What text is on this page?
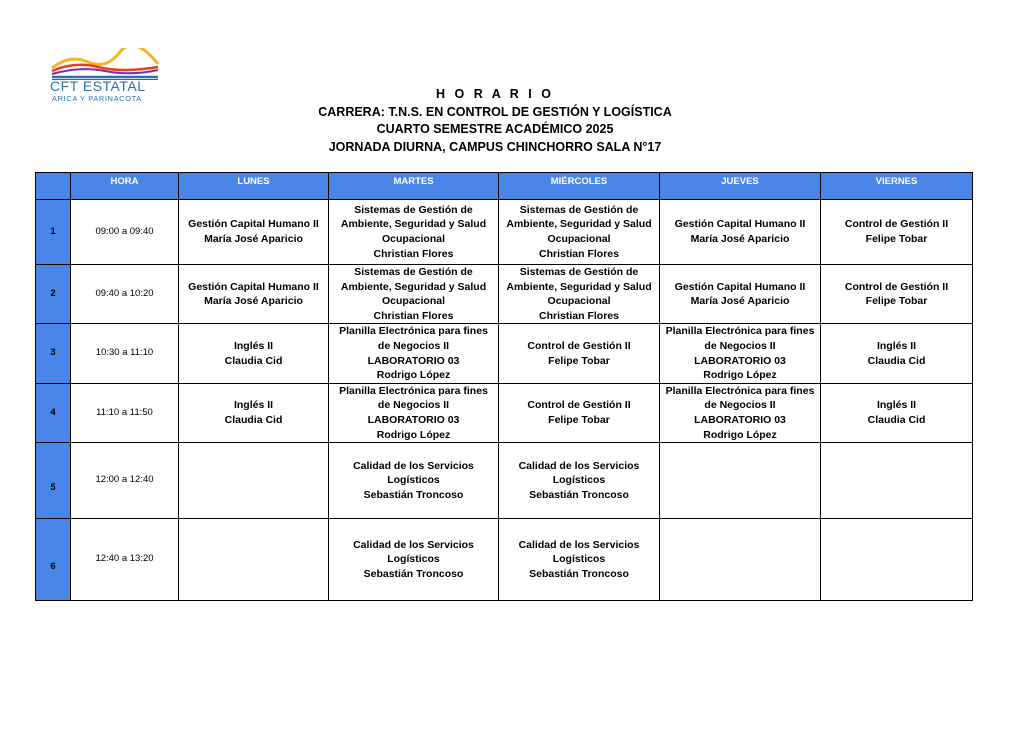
CFT ESTATAL
ARICA Y PARINACOTA	H O R A R I O
CARRERA: T.N.S. EN CONTROL DE GESTIÓN Y LOGÍSTICA
CUARTO SEMESTRE ACADÉMICO 2025
JORNADA DIURNA, CAMPUS CHINCHORRO SALA N°17
	HORA	LUNES	MARTES	MIÉRCOLES	JUEVES	VIERNES
1	09:00 a 09:40	Gestión Capital Humano II
María José Aparicio	Sistemas de Gestión de
Ambiente, Seguridad y Salud
Ocupacional
Christian Flores	Sistemas de Gestión de
Ambiente, Seguridad y Salud
Ocupacional
Christian Flores	Gestión Capital Humano II
María José Aparicio	Control de Gestión II
Felipe Tobar
2	09:40 a 10:20	Gestión Capital Humano II
María José Aparicio	Sistemas de Gestión de
Ambiente, Seguridad y Salud
Ocupacional
Christian Flores	Sistemas de Gestión de
Ambiente, Seguridad y Salud
Ocupacional
Christian Flores	Gestión Capital Humano II
María José Aparicio	Control de Gestión II
Felipe Tobar
3	10:30 a 11:10	Inglés II
Claudia Cid	Planilla Electrónica para fines
de Negocios II
LABORATORIO 03
Rodrigo López	Control de Gestión II
Felipe Tobar	Planilla Electrónica para fines
de Negocios II
LABORATORIO 03
Rodrigo López	Inglés II
Claudia Cid
4	11:10 a 11:50	Inglés II
Claudia Cid	Planilla Electrónica para fines
de Negocios II
LABORATORIO 03
Rodrigo López	Control de Gestión II
Felipe Tobar	Planilla Electrónica para fines
de Negocios II
LABORATORIO 03
Rodrigo López	Inglés II
Claudia Cid
5	12:00 a 12:40		Calidad de los Servicios
Logísticos
Sebastián Troncoso	Calidad de los Servicios
Logísticos
Sebastián Troncoso		
6	12:40 a 13:20		Calidad de los Servicios
Logísticos
Sebastián Troncoso	Calidad de los Servicios
Logísticos
Sebastián Troncoso		
